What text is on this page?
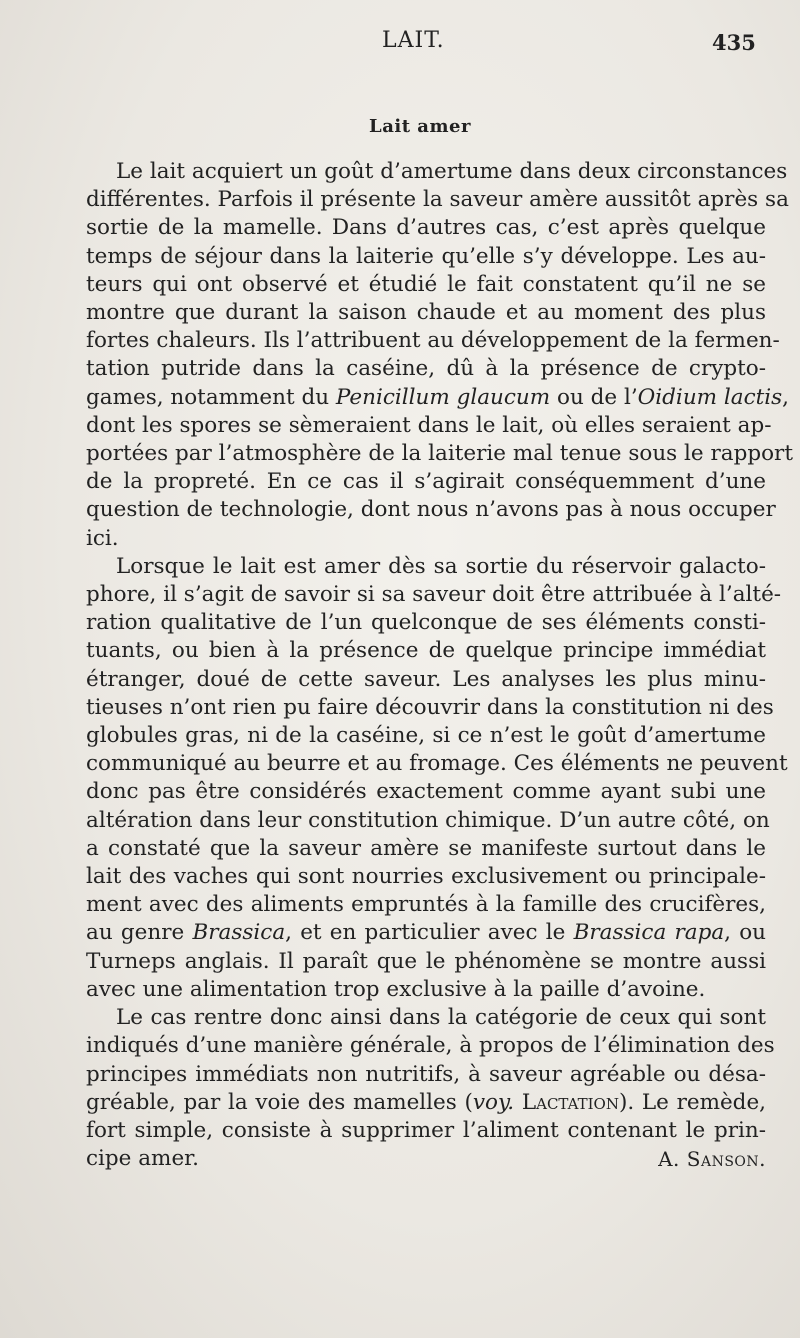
LAIT.	435
Lait amer

Le lait acquiert un goût d’amertume dans deux circonstances
différentes. Parfois il présente la saveur amère aussitôt après sa
sortie de la mamelle. Dans d’autres cas, c’est après quelque
temps de séjour dans la laiterie qu’elle s’y développe. Les au-
teurs qui ont observé et étudié le fait constatent qu’il ne se
montre que durant la saison chaude et au moment des plus
fortes chaleurs. Ils l’attribuent au développement de la fermen-
tation putride dans la caséine, dû à la présence de crypto-
games, notamment du Penicillum glaucum ou de l’Oidium lactis,
dont les spores se sèmeraient dans le lait, où elles seraient ap-
portées par l’atmosphère de la laiterie mal tenue sous le rapport
de la propreté. En ce cas il s’agirait conséquemment d’une
question de technologie, dont nous n’avons pas à nous occuper
ici.

Lorsque le lait est amer dès sa sortie du réservoir galacto-
phore, il s’agit de savoir si sa saveur doit être attribuée à l’alté-
ration qualitative de l’un quelconque de ses éléments consti-
tuants, ou bien à la présence de quelque principe immédiat
étranger, doué de cette saveur. Les analyses les plus minu-
tieuses n’ont rien pu faire découvrir dans la constitution ni des
globules gras, ni de la caséine, si ce n’est le goût d’amertume
communiqué au beurre et au fromage. Ces éléments ne peuvent
donc pas être considérés exactement comme ayant subi une
altération dans leur constitution chimique. D’un autre côté, on
a constaté que la saveur amère se manifeste surtout dans le
lait des vaches qui sont nourries exclusivement ou principale-
ment avec des aliments empruntés à la famille des crucifères,
au genre Brassica, et en particulier avec le Brassica rapa, ou
Turneps anglais. Il paraît que le phénomène se montre aussi
avec une alimentation trop exclusive à la paille d’avoine.

Le cas rentre donc ainsi dans la catégorie de ceux qui sont
indiqués d’une manière générale, à propos de l’élimination des
principes immédiats non nutritifs, à saveur agréable ou désa-
gréable, par la voie des mamelles (voy. Lactation). Le remède,
fort simple, consiste à supprimer l’aliment contenant le prin-
cipe amer.	A. Sanson.
